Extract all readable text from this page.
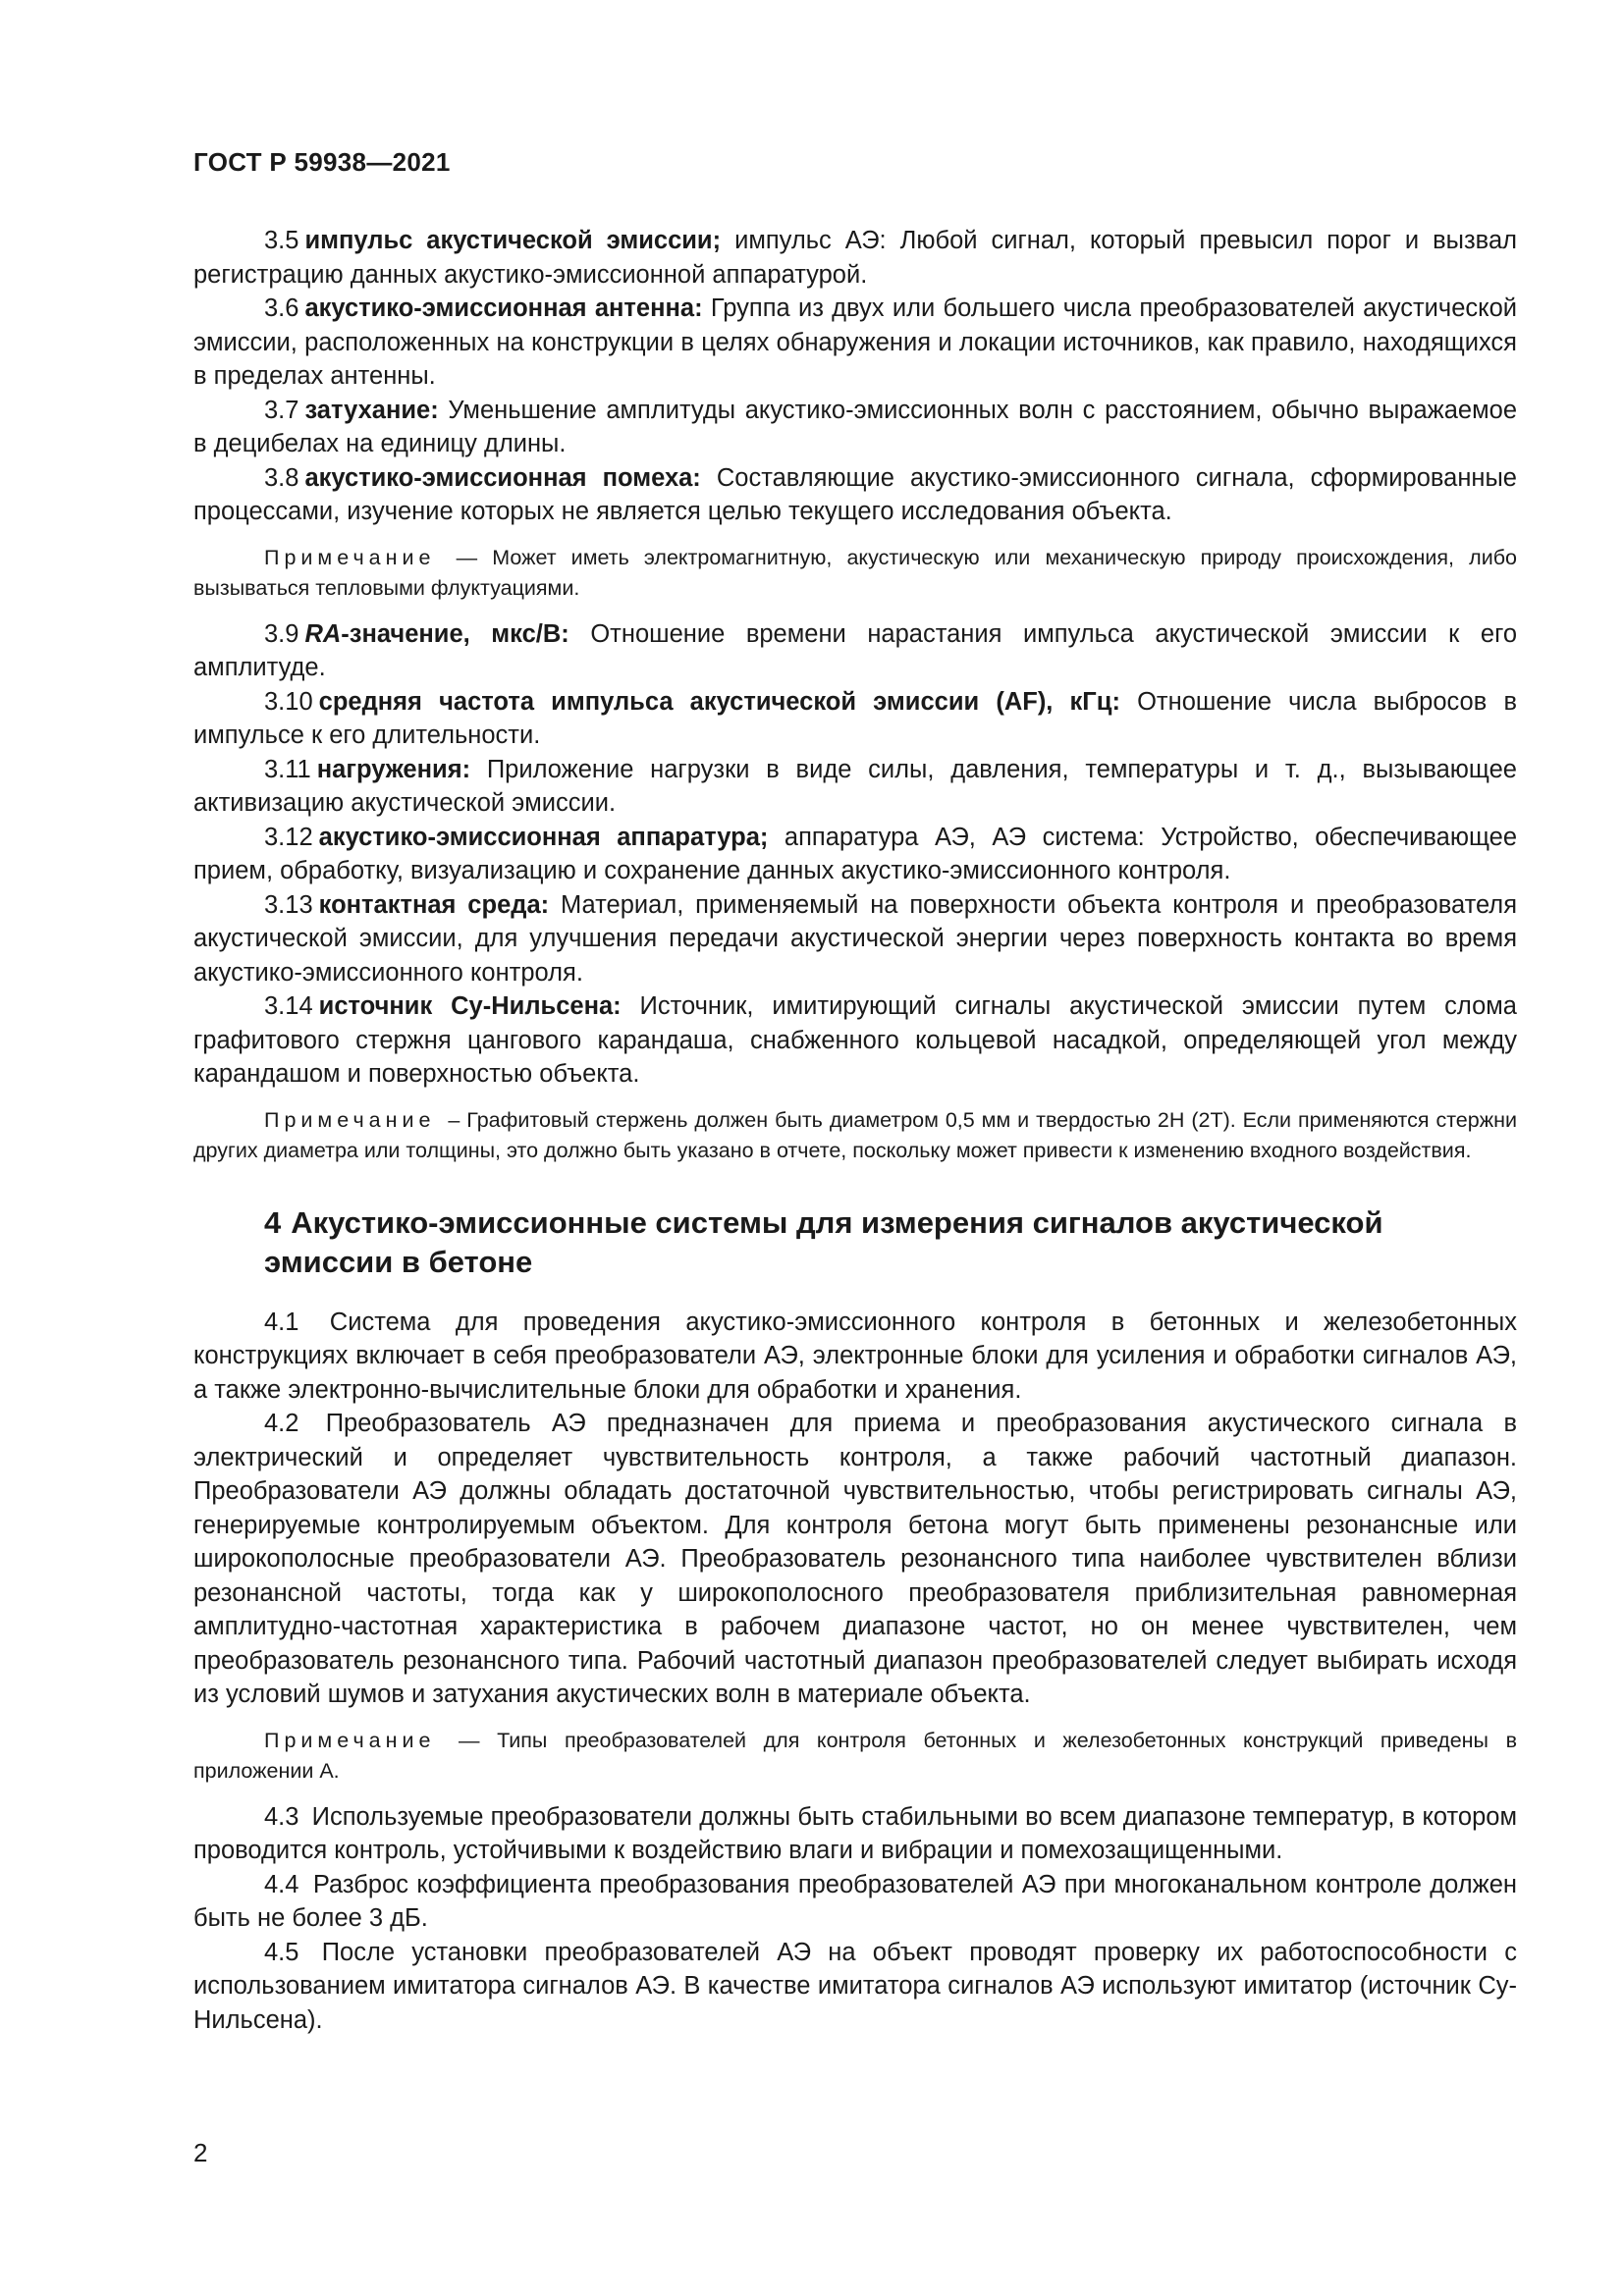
ГОСТ Р 59938—2021

3.5 импульс акустической эмиссии; импульс АЭ: Любой сигнал, который превысил порог и вызвал регистрацию данных акустико-эмиссионной аппаратурой.

3.6 акустико-эмиссионная антенна: Группа из двух или большего числа преобразователей акустической эмиссии, расположенных на конструкции в целях обнаружения и локации источников, как правило, находящихся в пределах антенны.

3.7 затухание: Уменьшение амплитуды акустико-эмиссионных волн с расстоянием, обычно выражаемое в децибелах на единицу длины.

3.8 акустико-эмиссионная помеха: Составляющие акустико-эмиссионного сигнала, сформированные процессами, изучение которых не является целью текущего исследования объекта.

Примечание — Может иметь электромагнитную, акустическую или механическую природу происхождения, либо вызываться тепловыми флуктуациями.

3.9 RA-значение, мкс/В: Отношение времени нарастания импульса акустической эмиссии к его амплитуде.

3.10 средняя частота импульса акустической эмиссии (AF), кГц: Отношение числа выбросов в импульсе к его длительности.

3.11 нагружения: Приложение нагрузки в виде силы, давления, температуры и т. д., вызывающее активизацию акустической эмиссии.

3.12 акустико-эмиссионная аппаратура; аппаратура АЭ, АЭ система: Устройство, обеспечивающее прием, обработку, визуализацию и сохранение данных акустико-эмиссионного контроля.

3.13 контактная среда: Материал, применяемый на поверхности объекта контроля и преобразователя акустической эмиссии, для улучшения передачи акустической энергии через поверхность контакта во время акустико-эмиссионного контроля.

3.14 источник Су-Нильсена: Источник, имитирующий сигналы акустической эмиссии путем слома графитового стержня цангового карандаша, снабженного кольцевой насадкой, определяющей угол между карандашом и поверхностью объекта.

Примечание – Графитовый стержень должен быть диаметром 0,5 мм и твердостью 2Н (2Т). Если применяются стержни других диаметра или толщины, это должно быть указано в отчете, поскольку может привести к изменению входного воздействия.

4 Акустико-эмиссионные системы для измерения сигналов акустической эмиссии в бетоне

4.1 Система для проведения акустико-эмиссионного контроля в бетонных и железобетонных конструкциях включает в себя преобразователи АЭ, электронные блоки для усиления и обработки сигналов АЭ, а также электронно-вычислительные блоки для обработки и хранения.

4.2 Преобразователь АЭ предназначен для приема и преобразования акустического сигнала в электрический и определяет чувствительность контроля, а также рабочий частотный диапазон. Преобразователи АЭ должны обладать достаточной чувствительностью, чтобы регистрировать сигналы АЭ, генерируемые контролируемым объектом. Для контроля бетона могут быть применены резонансные или широкополосные преобразователи АЭ. Преобразователь резонансного типа наиболее чувствителен вблизи резонансной частоты, тогда как у широкополосного преобразователя приблизительная равномерная амплитудно-частотная характеристика в рабочем диапазоне частот, но он менее чувствителен, чем преобразователь резонансного типа. Рабочий частотный диапазон преобразователей следует выбирать исходя из условий шумов и затухания акустических волн в материале объекта.

Примечание — Типы преобразователей для контроля бетонных и железобетонных конструкций приведены в приложении А.

4.3 Используемые преобразователи должны быть стабильными во всем диапазоне температур, в котором проводится контроль, устойчивыми к воздействию влаги и вибрации и помехозащищенными.

4.4 Разброс коэффициента преобразования преобразователей АЭ при многоканальном контроле должен быть не более 3 дБ.

4.5 После установки преобразователей АЭ на объект проводят проверку их работоспособности с использованием имитатора сигналов АЭ. В качестве имитатора сигналов АЭ используют имитатор (источник Су-Нильсена).

2
